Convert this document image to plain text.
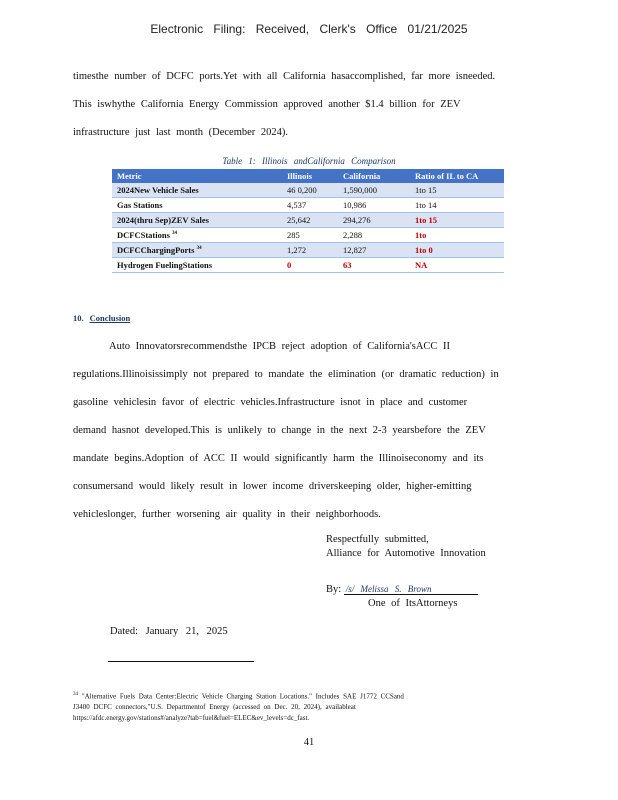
Electronic Filing: Received, Clerk's Office 01/21/2025

timesthe number of DCFC ports.Yet with all California hasaccomplished, far more isneeded.

This iswhythe California Energy Commission approved another $1.4 billion for ZEV

infrastructure just last month (December 2024).

Table 1: Illinois andCalifornia Comparison
Metric	Illinois	California	Ratio of IL to CA
2024New Vehicle Sales	46 0,200	1,590,000	1to 15
Gas Stations	4,537	10,986	1to 14
2024(thru Sep)ZEV Sales	25,642	294,276	1to 15
DCFCStations $^{34}$	285	2,288	1to
DCFCChargingPorts $^{34}$	1,272	12,827	1to 0
Hydrogen FuelingStations	0	63	NA
10. Conclusion

Auto Innovatorsrecommendsthe IPCB reject adoption of California'sACC II

regulations.Illinoisissimply not prepared to mandate the elimination (or dramatic reduction) in

gasoline vehiclesin favor of electric vehicles.Infrastructure isnot in place and customer

demand hasnot developed.This is unlikely to change in the next 2-3 yearsbefore the ZEV

mandate begins.Adoption of ACC II would significantly harm the Illinoiseconomy and its

consumersand would likely result in lower income driverskeeping older, higher-emitting

vehicleslonger, further worsening air quality in their neighborhoods.

Respectfully submitted,

Alliance for Automotive Innovation

By: /s/ Melissa S. Brown
One of ItsAttorneys
Dated: January 21, 2025

$^{34}$ "Alternative Fuels Data Center:Electric Vehicle Charging Station Locations." Includes SAE J1772 CCSand

J3400 DCFC connectors,"U.S. Departmentof Energy (accessed on Dec. 20, 2024), availableat

https://afdc.energy.gov/stations#/analyze?tab=fuel&fuel=ELEC&ev_levels=dc_fast.

41
